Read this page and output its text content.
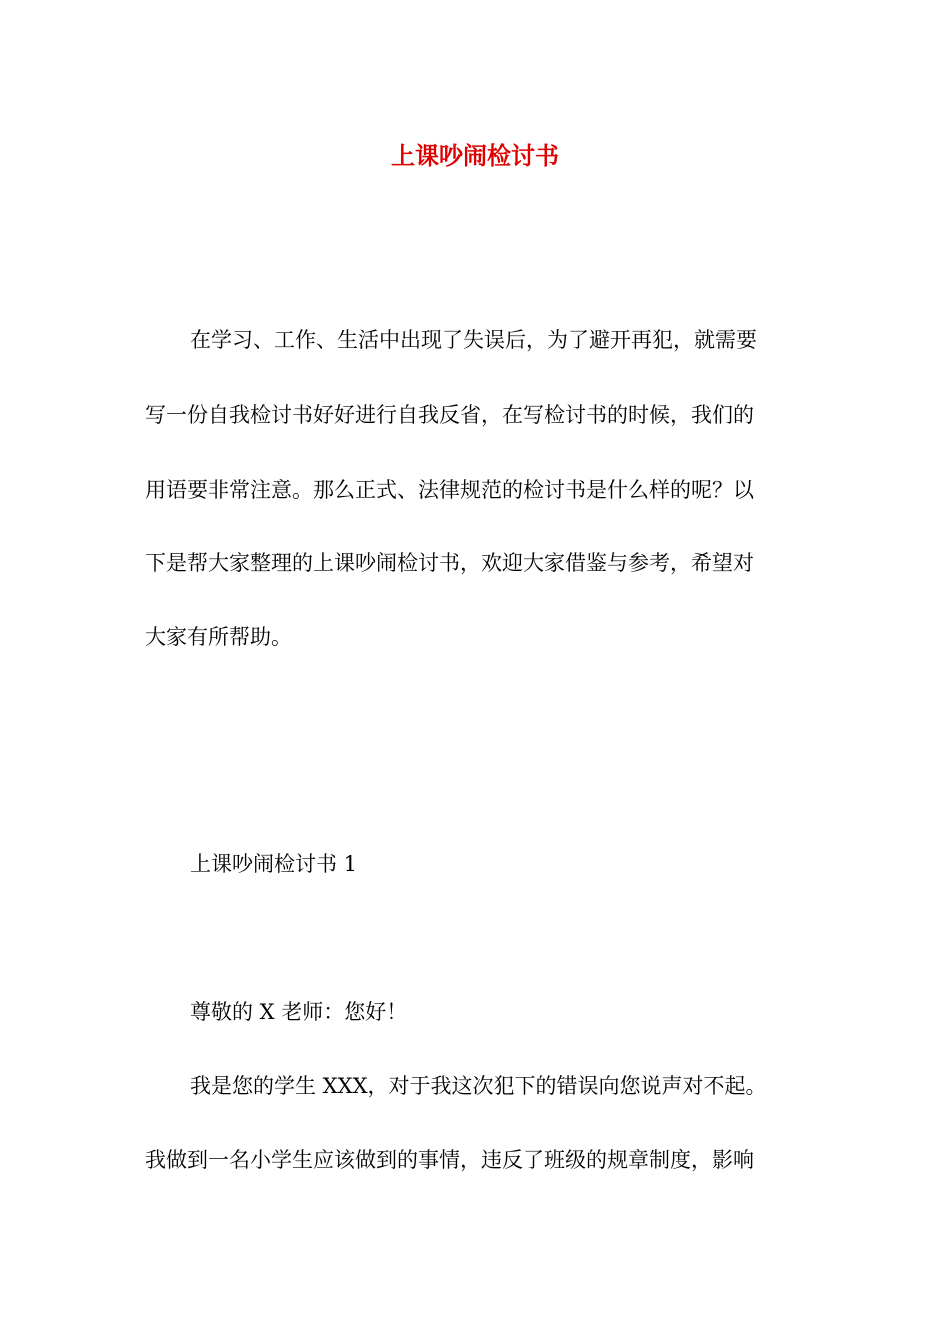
上课吵闹检讨书
在学习、工作、生活中出现了失误后，为了避开再犯，就需要
写一份自我检讨书好好进行自我反省，在写检讨书的时候，我们的
用语要非常注意。那么正式、法律规范的检讨书是什么样的呢？以
下是帮大家整理的上课吵闹检讨书，欢迎大家借鉴与参考，希望对
大家有所帮助。
上课吵闹检讨书 1
尊敬的 X 老师：您好！
我是您的学生 XXX，对于我这次犯下的错误向您说声对不起。
我做到一名小学生应该做到的事情，违反了班级的规章制度，影响
